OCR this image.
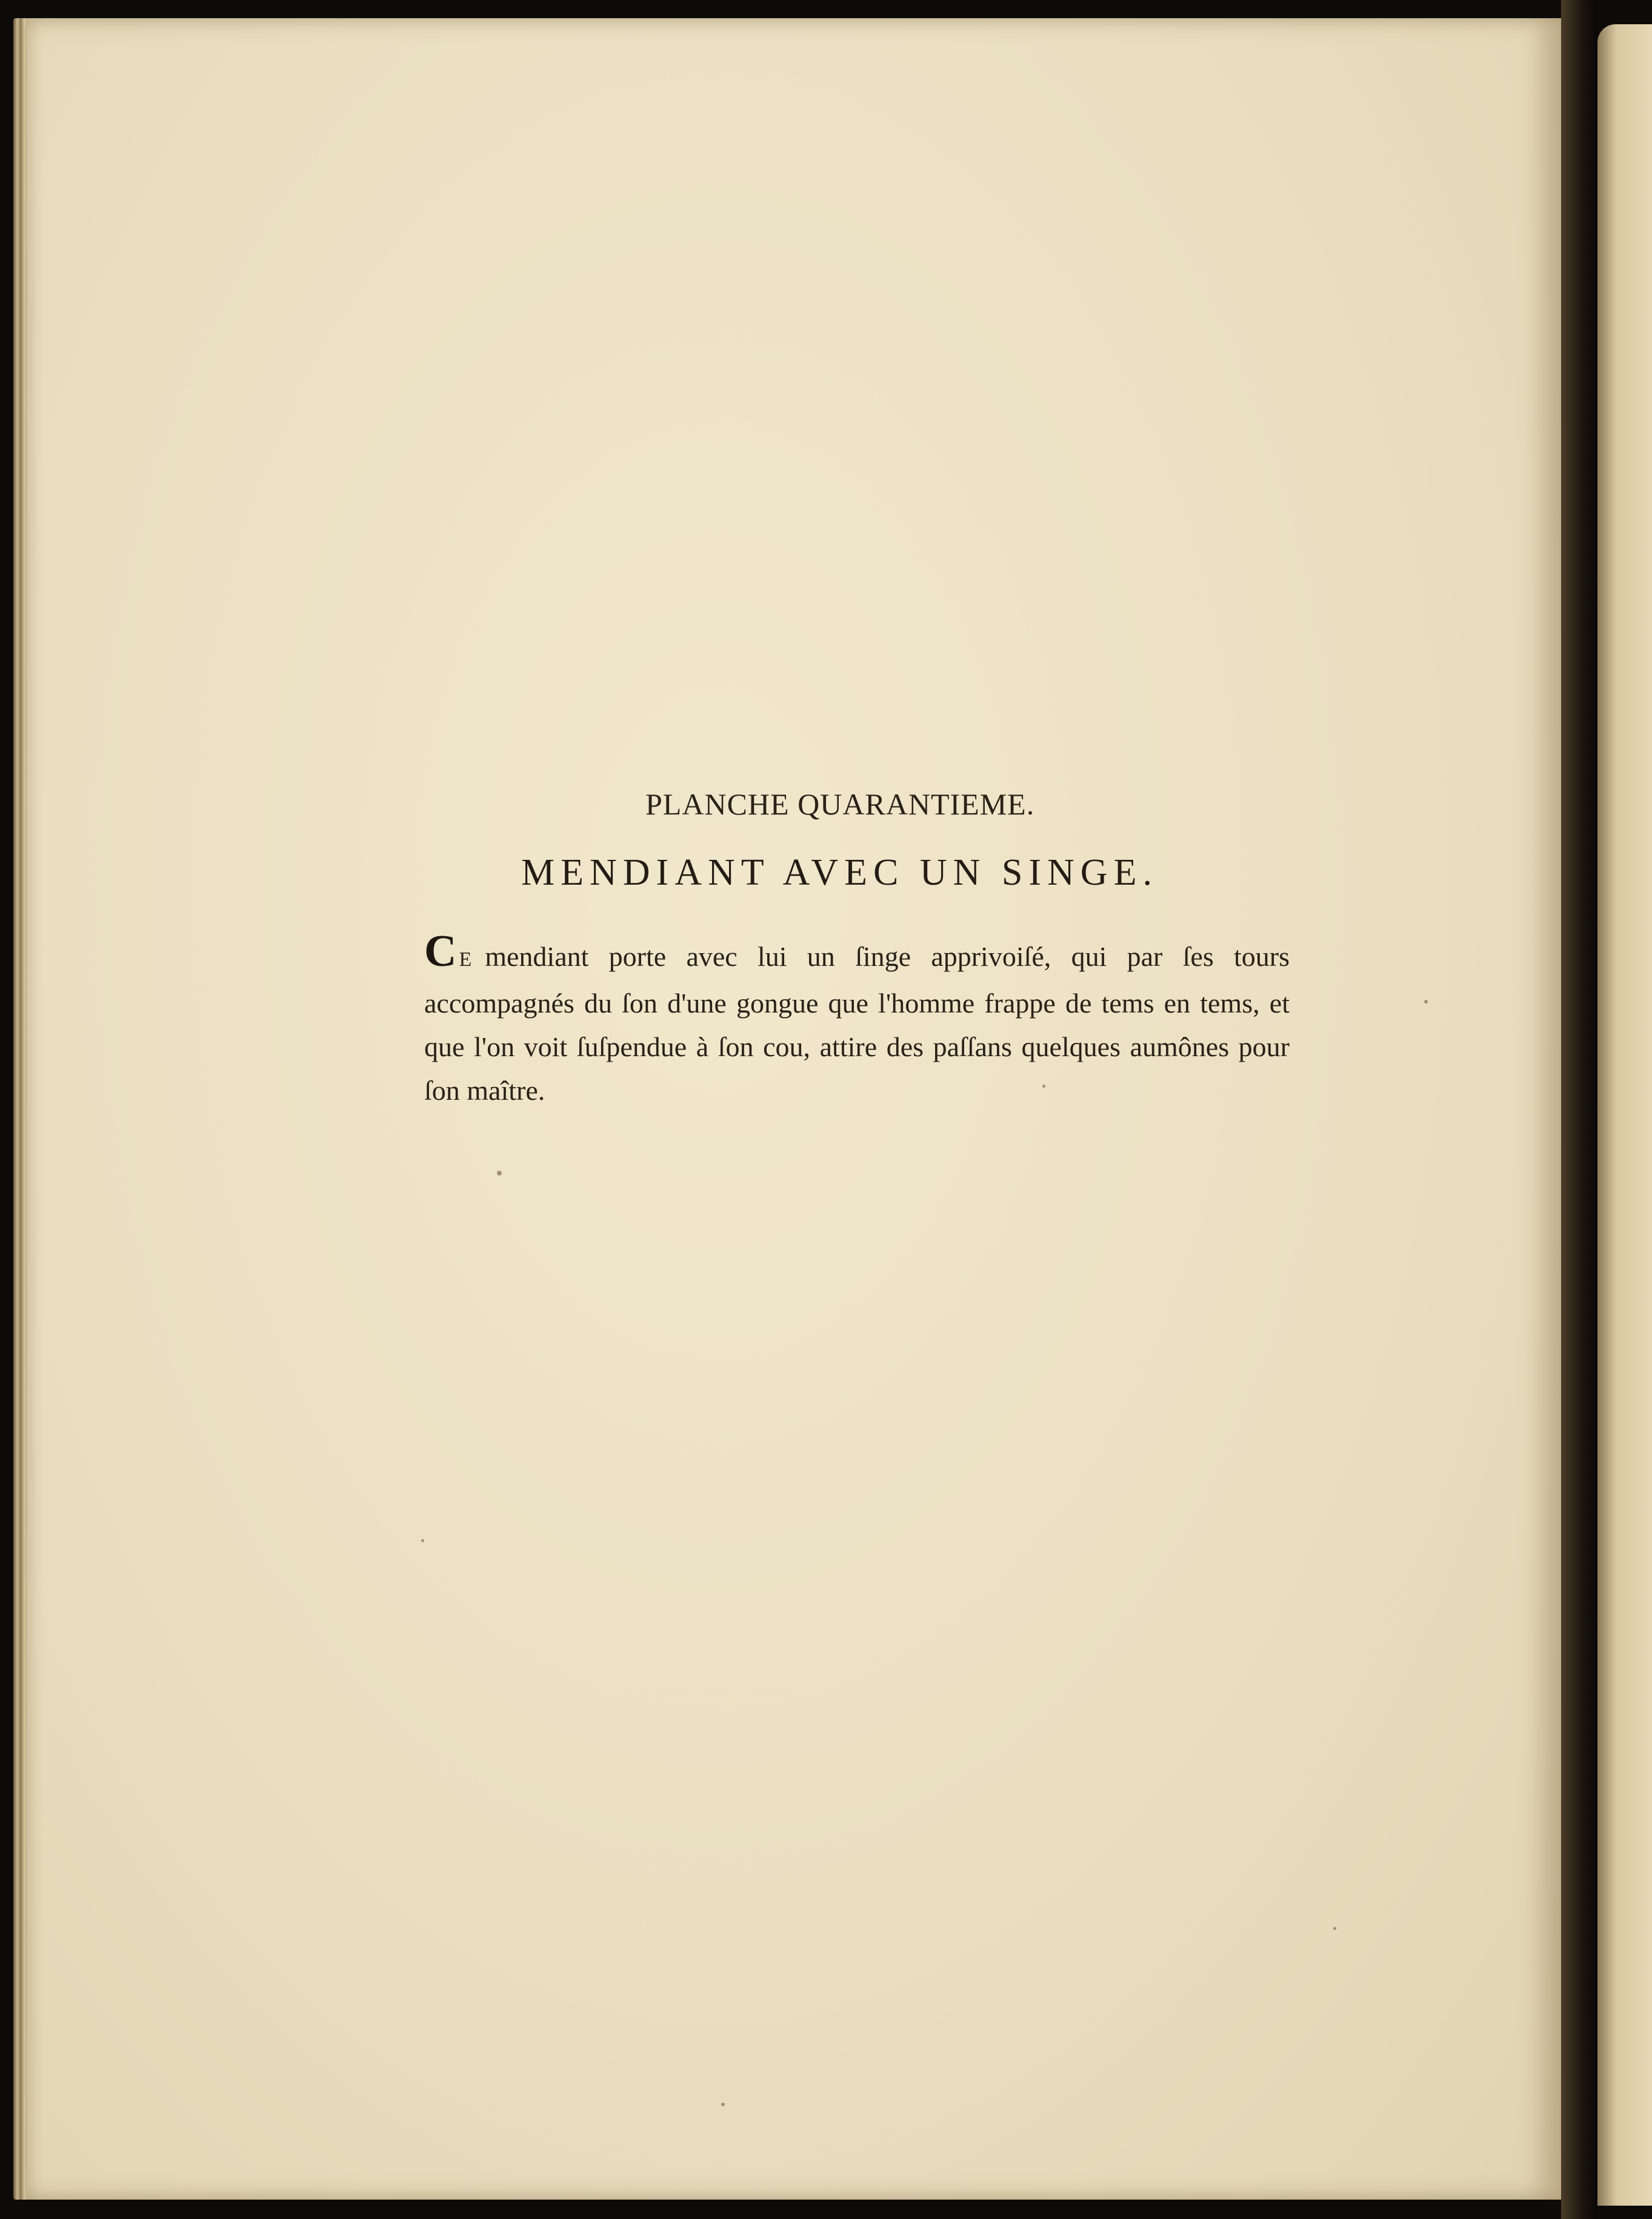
PLANCHE QUARANTIEME.
MENDIANT AVEC UN SINGE.
C E mendiant porte avec lui un ſinge apprivoiſé, qui par ſes tours accompagnés du ſon d'une gongue que l'homme frappe de tems en tems, et que l'on voit ſuſpendue à ſon cou, attire des paſſans quelques aumônes pour ſon maître.
